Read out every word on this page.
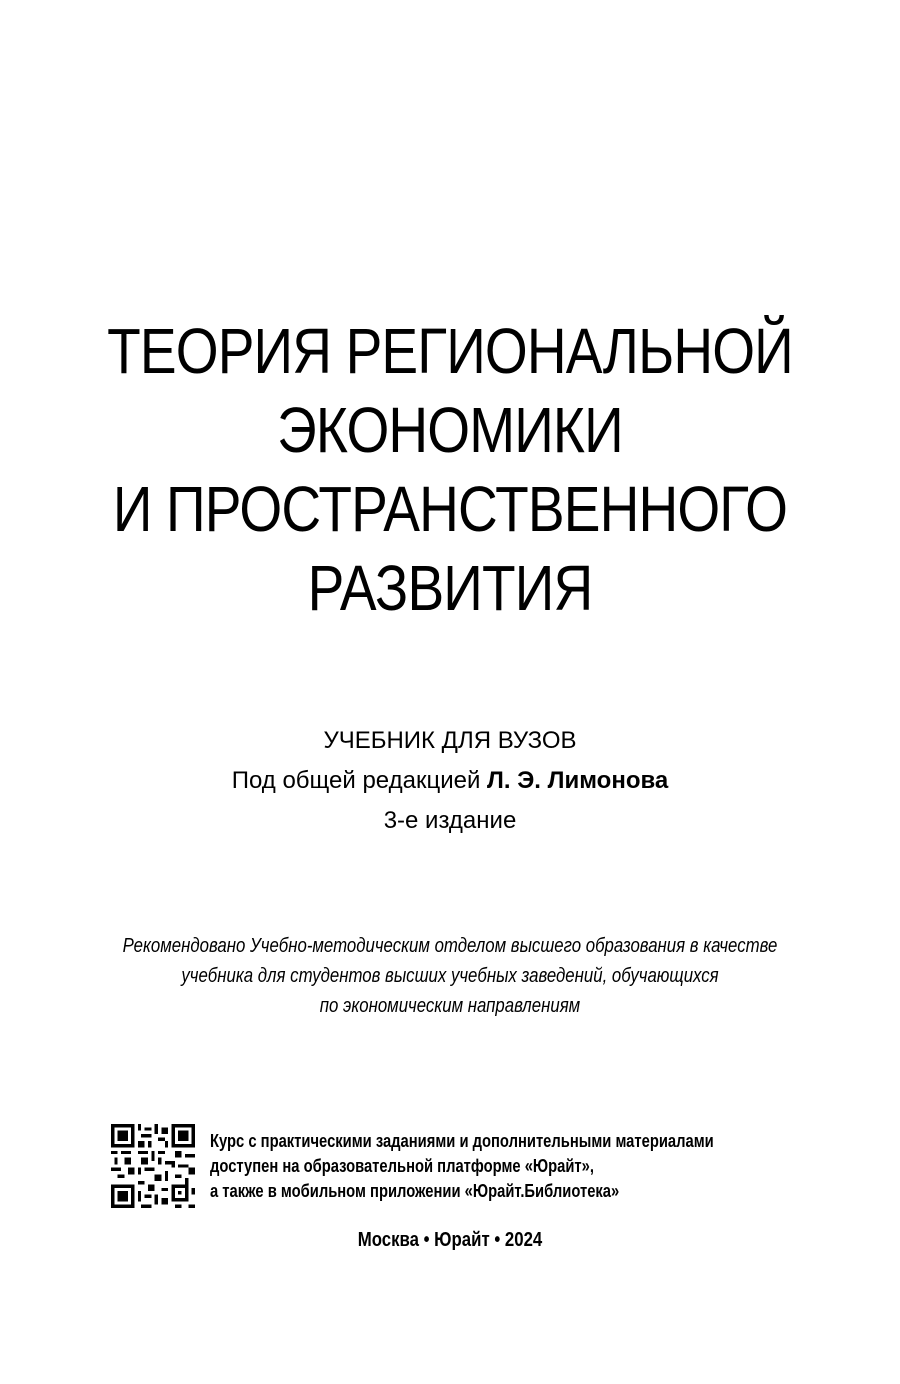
ТЕОРИЯ РЕГИОНАЛЬНОЙ
ЭКОНОМИКИ
И ПРОСТРАНСТВЕННОГО
РАЗВИТИЯ
УЧЕБНИК ДЛЯ ВУЗОВ
Под общей редакцией Л. Э. Лимонова
3-е издание
Рекомендовано Учебно-методическим отделом высшего образования в качестве
учебника для студентов высших учебных заведений, обучающихся
по экономическим направлениям
Курс с практическими заданиями и дополнительными материалами
доступен на образовательной платформе «Юрайт»,
а также в мобильном приложении «Юрайт.Библиотека»
Москва • Юрайт • 2024
